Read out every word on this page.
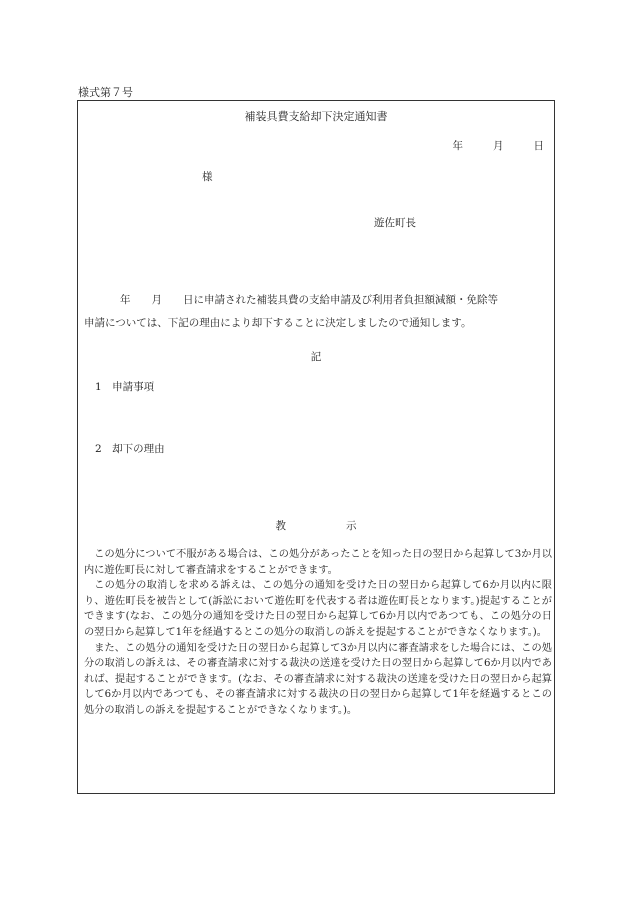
様式第７号
補装具費支給却下決定通知書
年	月	日
様
遊佐町長
年　　月　　日に申請された補装具費の支給申請及び利用者負担額減額・免除等
申請については、下記の理由により却下することに決定しましたので通知します。
記
1　申請事項
2　却下の理由
教	示

この処分について不服がある場合は、この処分があったことを知った日の翌日から起算して3か月以内に遊佐町長に対して審査請求をすることができます。

この処分の取消しを求める訴えは、この処分の通知を受けた日の翌日から起算して6か月以内に限り、遊佐町長を被告として(訴訟において遊佐町を代表する者は遊佐町長となります。)提起することができます(なお、この処分の通知を受けた日の翌日から起算して6か月以内であつても、この処分の日の翌日から起算して1年を経過するとこの処分の取消しの訴えを提起することができなくなります。)。

また、この処分の通知を受けた日の翌日から起算して3か月以内に審査請求をした場合には、この処分の取消しの訴えは、その審査請求に対する裁決の送達を受けた日の翌日から起算して6か月以内であれば、提起することができます。(なお、その審査請求に対する裁決の送達を受けた日の翌日から起算して6か月以内であつても、その審査請求に対する裁決の日の翌日から起算して1年を経過するとこの処分の取消しの訴えを提起することができなくなります。)。
